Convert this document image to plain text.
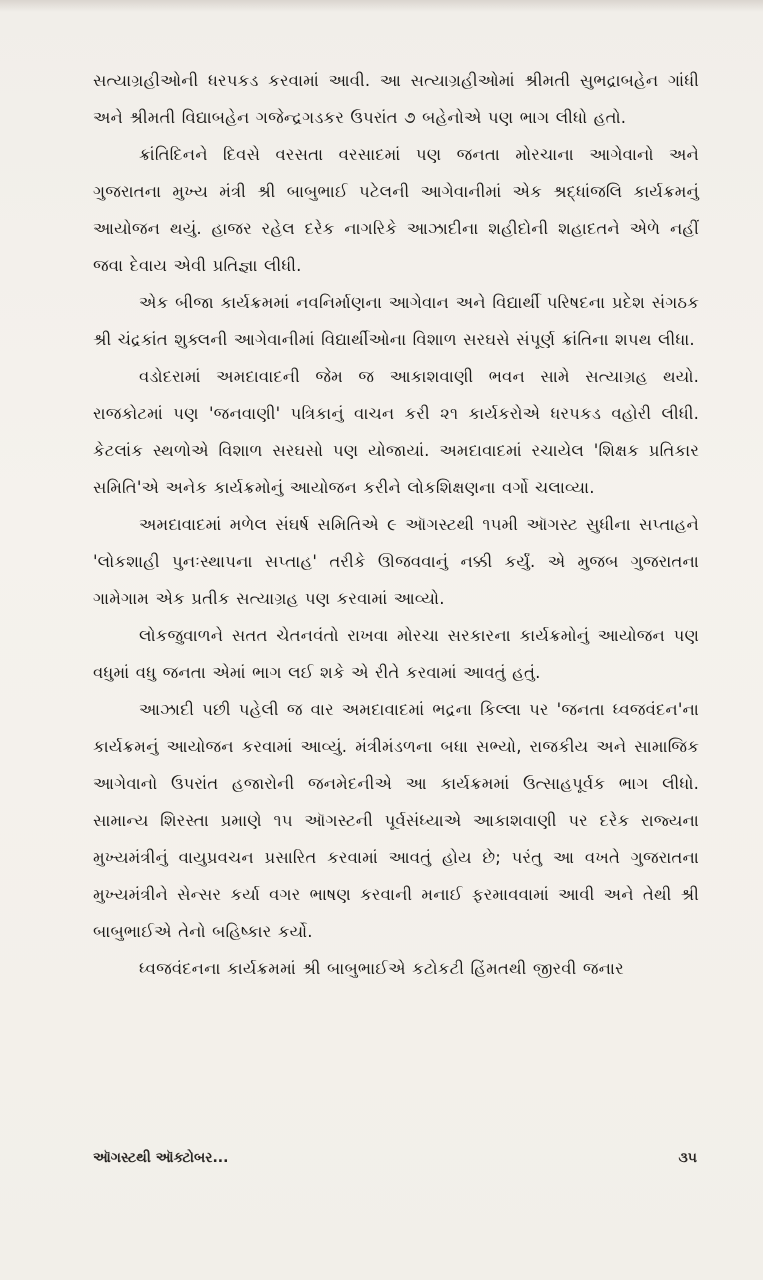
સત્યાગ્રહીઓની ધરપકડ કરવામાં આવી. આ સત્યાગ્રહીઓમાં શ્રીમતી સુભદ્રાબહેન ગાંધી અને શ્રીમતી વિદ્યાબહેન ગજેન્દ્રગડકર ઉપરાંત ૭ બહેનોએ પણ ભાગ લીધો હતો.

ક્રાંતિદિનને દિવસે વરસતા વરસાદમાં પણ જનતા મોરચાના આગેવાનો અને ગુજરાતના મુખ્ય મંત્રી શ્રી બાબુભાઈ પટેલની આગેવાનીમાં એક શ્રદ્ધાંજલિ કાર્યક્રમનું આયોજન થયું. હાજર રહેલ દરેક નાગરિકે આઝાદીના શહીદોની શહાદતને એળે નહીં જવા દેવાય એવી પ્રતિજ્ઞા લીધી.

એક બીજા કાર્યક્રમમાં નવનિર્માણના આગેવાન અને વિદ્યાર્થી પરિષદના પ્રદેશ સંગઠક શ્રી ચંદ્રકાંત શુક્લની આગેવાનીમાં વિદ્યાર્થીઓના વિશાળ સરઘસે સંપૂર્ણ ક્રાંતિના શપથ લીધા.

વડોદરામાં અમદાવાદની જેમ જ આકાશવાણી ભવન સામે સત્યાગ્રહ થયો. રાજકોટમાં પણ 'જનવાણી' પત્રિકાનું વાચન કરી ૨૧ કાર્યકરોએ ધરપકડ વહોરી લીધી. કેટલાંક સ્થળોએ વિશાળ સરઘસો પણ યોજાયાં. અમદાવાદમાં રચાયેલ 'શિક્ષક પ્રતિકાર સમિતિ'એ અનેક કાર્યક્રમોનું આયોજન કરીને લોકશિક્ષણના વર્ગો ચલાવ્યા.

અમદાવાદમાં મળેલ સંઘર્ષ સમિતિએ ૯ ઑગસ્ટથી ૧૫મી ઑગસ્ટ સુધીના સપ્તાહને 'લોકશાહી પુનઃસ્થાપના સપ્તાહ' તરીકે ઊજવવાનું નક્કી કર્યું. એ મુજબ ગુજરાતના ગામેગામ એક પ્રતીક સત્યાગ્રહ પણ કરવામાં આવ્યો.

લોકજુવાળને સતત ચેતનવંતો રાખવા મોરચા સરકારના કાર્યક્રમોનું આયોજન પણ વધુમાં વધુ જનતા એમાં ભાગ લઈ શકે એ રીતે કરવામાં આવતું હતું.

આઝાદી પછી પહેલી જ વાર અમદાવાદમાં ભદ્રના કિલ્લા પર 'જનતા ધ્વજવંદન'ના કાર્યક્રમનું આયોજન કરવામાં આવ્યું. મંત્રીમંડળના બધા સભ્યો, રાજકીય અને સામાજિક આગેવાનો ઉપરાંત હજારોની જનમેદનીએ આ કાર્યક્રમમાં ઉત્સાહપૂર્વક ભાગ લીધો. સામાન્ય શિરસ્તા પ્રમાણે ૧૫ ઑગસ્ટની પૂર્વસંધ્યાએ આકાશવાણી પર દરેક રાજ્યના મુખ્યમંત્રીનું વાયુપ્રવચન પ્રસારિત કરવામાં આવતું હોય છે; પરંતુ આ વખતે ગુજરાતના મુખ્યમંત્રીને સેન્સર કર્યા વગર ભાષણ કરવાની મનાઈ ફરમાવવામાં આવી અને તેથી શ્રી બાબુભાઈએ તેનો બહિષ્કાર કર્યો.

ધ્વજવંદનના કાર્યક્રમમાં શ્રી બાબુભાઈએ કટોકટી હિંમતથી જીરવી જનાર

ઑગસ્ટથી ઑક્ટોબર...	૩૫
